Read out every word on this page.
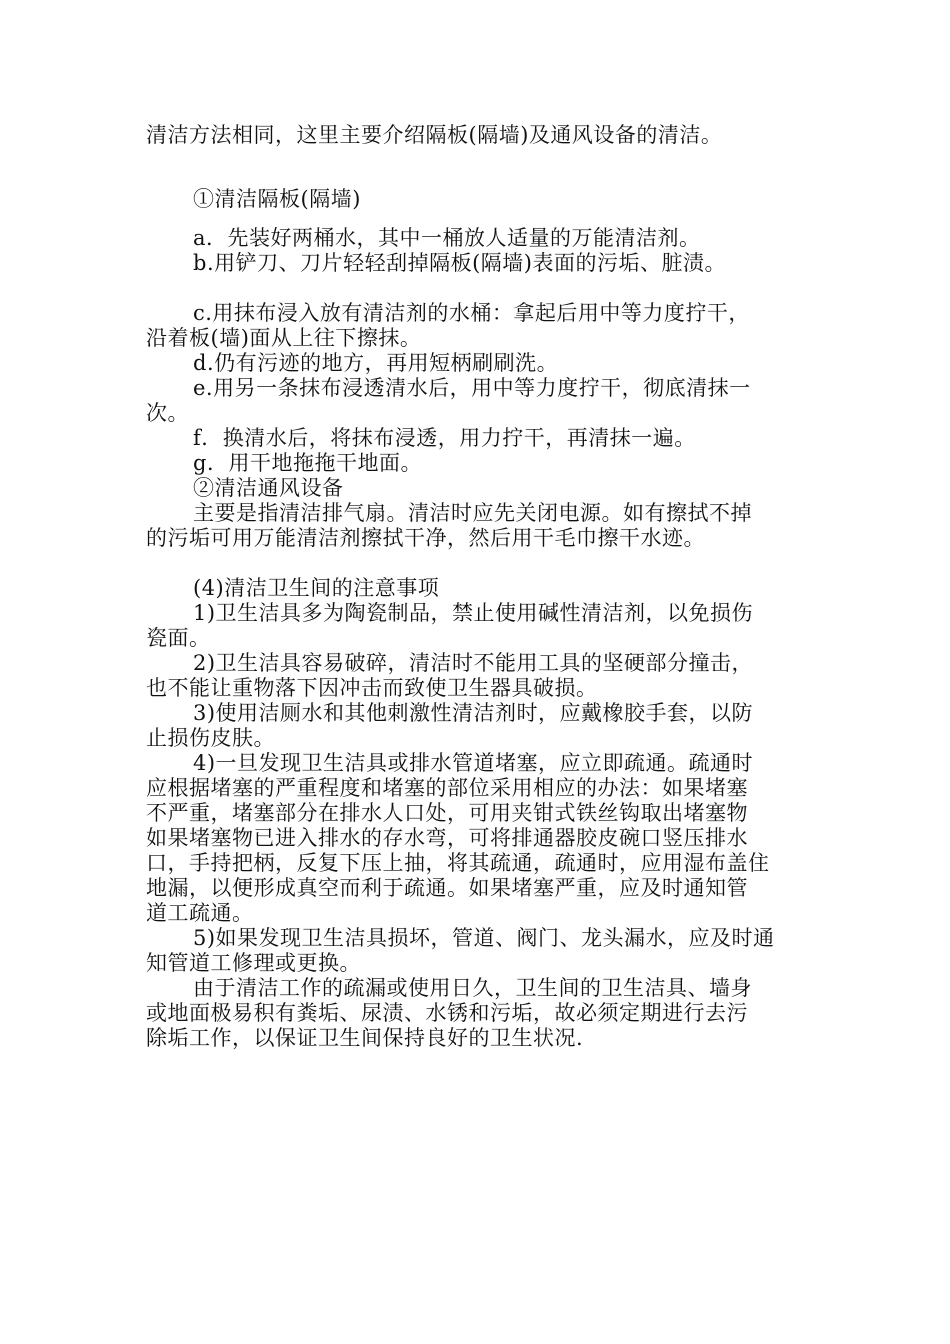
清洁方法相同，这里主要介绍隔板(隔墙)及通风设备的清洁。
①清洁隔板(隔墙)
a．先装好两桶水，其中一桶放人适量的万能清洁剂。
b.用铲刀、刀片轻轻刮掉隔板(隔墙)表面的污垢、脏渍。
c.用抹布浸入放有清洁剂的水桶：拿起后用中等力度拧干，
沿着板(墙)面从上往下擦抹。
d.仍有污迹的地方，再用短柄刷刷洗。
e.用另一条抹布浸透清水后，用中等力度拧干，彻底清抹一
次。
f．换清水后，将抹布浸透，用力拧干，再清抹一遍。
g．用干地拖拖干地面。
②清洁通风设备
主要是指清洁排气扇。清洁时应先关闭电源。如有擦拭不掉
的污垢可用万能清洁剂擦拭干净，然后用干毛巾擦干水迹。
(4)清洁卫生间的注意事项
1)卫生洁具多为陶瓷制品，禁止使用碱性清洁剂，以免损伤
瓷面。
2)卫生洁具容易破碎，清洁时不能用工具的坚硬部分撞击，
也不能让重物落下因冲击而致使卫生器具破损。
3)使用洁厕水和其他刺激性清洁剂时，应戴橡胶手套，以防
止损伤皮肤。
4)一旦发现卫生洁具或排水管道堵塞，应立即疏通。疏通时
应根据堵塞的严重程度和堵塞的部位采用相应的办法：如果堵塞
不严重，堵塞部分在排水人口处，可用夹钳式铁丝钩取出堵塞物
如果堵塞物已进入排水的存水弯，可将排通器胶皮碗口竖压排水
口，手持把柄，反复下压上抽，将其疏通，疏通时，应用湿布盖住
地漏，以便形成真空而利于疏通。如果堵塞严重，应及时通知管
道工疏通。
5)如果发现卫生洁具损坏，管道、阀门、龙头漏水，应及时通
知管道工修理或更换。
由于清洁工作的疏漏或使用日久，卫生间的卫生洁具、墙身
或地面极易积有粪垢、尿渍、水锈和污垢，故必须定期进行去污
除垢工作，以保证卫生间保持良好的卫生状况.
